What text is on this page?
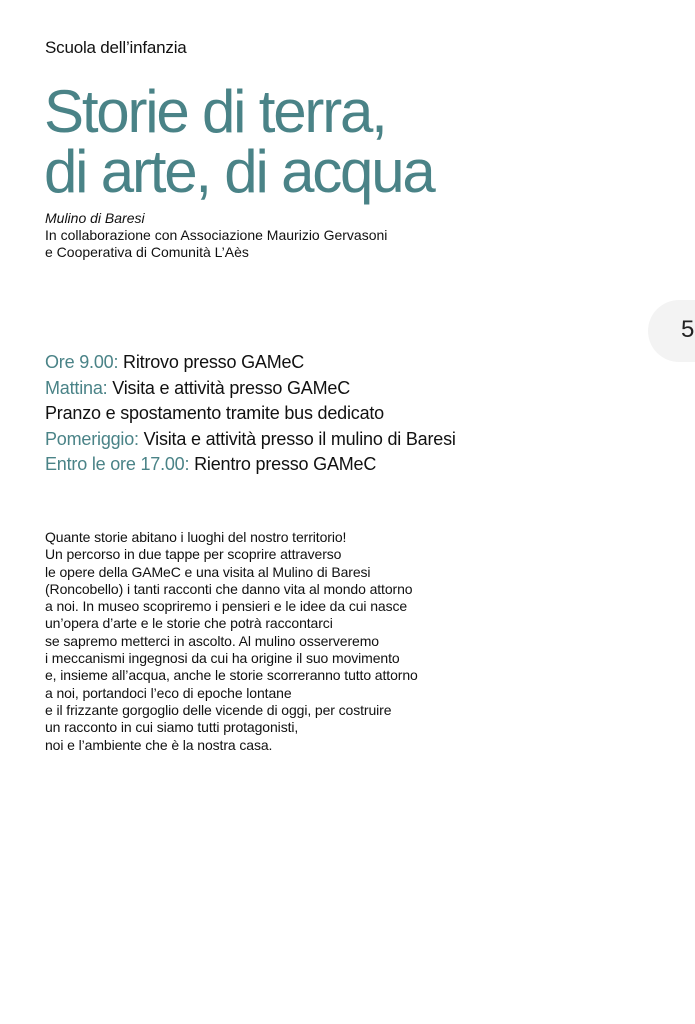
Scuola dell’infanzia
Storie di terra,
di arte, di acqua
Mulino di Baresi
In collaborazione con Associazione Maurizio Gervasoni
e Cooperativa di Comunità L’Aès
5
Ore 9.00: Ritrovo presso GAMeC
Mattina: Visita e attività presso GAMeC
Pranzo e spostamento tramite bus dedicato
Pomeriggio: Visita e attività presso il mulino di Baresi
Entro le ore 17.00: Rientro presso GAMeC
Quante storie abitano i luoghi del nostro territorio!
Un percorso in due tappe per scoprire attraverso
le opere della GAMeC e una visita al Mulino di Baresi
(Roncobello) i tanti racconti che danno vita al mondo attorno
a noi. In museo scopriremo i pensieri e le idee da cui nasce
un’opera d’arte e le storie che potrà raccontarci
se sapremo metterci in ascolto. Al mulino osserveremo
i meccanismi ingegnosi da cui ha origine il suo movimento
e, insieme all’acqua, anche le storie scorreranno tutto attorno
a noi, portandoci l’eco di epoche lontane
e il frizzante gorgoglio delle vicende di oggi, per costruire
un racconto in cui siamo tutti protagonisti,
noi e l’ambiente che è la nostra casa.
